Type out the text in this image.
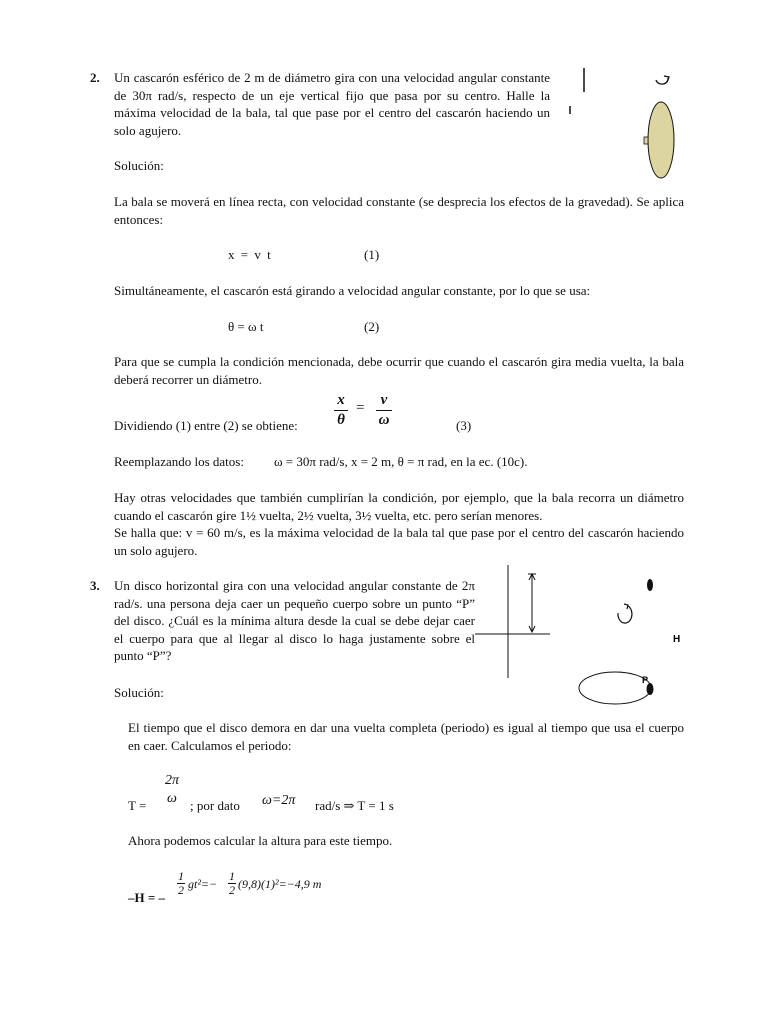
2. Un cascarón esférico de 2 m de diámetro gira con una velocidad angular constante de 30π rad/s, respecto de un eje vertical fijo que pasa por su centro. Halle la máxima velocidad de la bala, tal que pase por el centro del cascarón haciendo un solo agujero.

Solución:

La bala se moverá en línea recta, con velocidad constante (se desprecia los efectos de la gravedad). Se aplica entonces:

x = v t	(1)

Simultáneamente, el cascarón está girando a velocidad angular constante, por lo que se usa:

θ = ω t	(2)

Para que se cumpla la condición mencionada, debe ocurrir que cuando el cascarón gira media vuelta, la bala deberá recorrer un diámetro.

Dividiendo (1) entre (2) se obtiene:
x
θ
=	v
ω	(3)
Reemplazando los datos: ω = 30π rad/s, x = 2 m, θ = π rad, en la ec. (10c).

Hay otras velocidades que también cumplirían la condición, por ejemplo, que la bala recorra un diámetro cuando el cascarón gire 1½ vuelta, 2½ vuelta, 3½ vuelta, etc. pero serían menores.

Se halla que: v = 60 m/s, es la máxima velocidad de la bala tal que pase por el centro del cascarón haciendo un solo agujero.

3. Un disco horizontal gira con una velocidad angular constante de 2π rad/s. una persona deja caer un pequeño cuerpo sobre un punto “P” del disco. ¿Cuál es la mínima altura desde la cual se debe dejar caer el cuerpo para que al llegar al disco lo haga justamente sobre el punto “P”?

H
P
Solución:

El tiempo que el disco demora en dar una vuelta completa (periodo) es igual al tiempo que usa el cuerpo en caer. Calculamos el periodo:

T =
2π
ω	; por dato ω=2π rad/s ⇒ T = 1 s
Ahora podemos calcular la altura para este tiempo.
–H = –
1
2 gt²=−
1
2 (9,8)(1)²=−4,9 m
